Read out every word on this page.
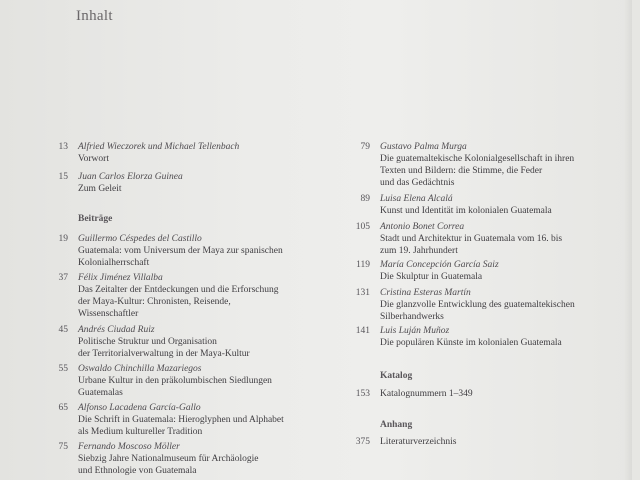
Inhalt
13 Alfried Wieczorek und Michael Tellenbach
Vorwort
15 Juan Carlos Elorza Guinea
Zum Geleit
Beiträge
19 Guillermo Céspedes del Castillo
Guatemala: vom Universum der Maya zur spanischen
Kolonialherrschaft
37 Félix Jiménez Villalba
Das Zeitalter der Entdeckungen und die Erforschung
der Maya-Kultur: Chronisten, Reisende,
Wissenschaftler
45 Andrés Ciudad Ruiz
Politische Struktur und Organisation
der Territorialverwaltung in der Maya-Kultur
55 Oswaldo Chinchilla Mazariegos
Urbane Kultur in den präkolumbischen Siedlungen
Guatemalas
65 Alfonso Lacadena García-Gallo
Die Schrift in Guatemala: Hieroglyphen und Alphabet
als Medium kultureller Tradition
75 Fernando Moscoso Möller
Siebzig Jahre Nationalmuseum für Archäologie
und Ethnologie von Guatemala
79 Gustavo Palma Murga
Die guatemaltekische Kolonialgesellschaft in ihren
Texten und Bildern: die Stimme, die Feder
und das Gedächtnis
89 Luisa Elena Alcalá
Kunst und Identität im kolonialen Guatemala
105 Antonio Bonet Correa
Stadt und Architektur in Guatemala vom 16. bis
zum 19. Jahrhundert
119 María Concepción García Saiz
Die Skulptur in Guatemala
131 Cristina Esteras Martín
Die glanzvolle Entwicklung des guatemaltekischen
Silberhandwerks
141 Luis Luján Muñoz
Die populären Künste im kolonialen Guatemala
Katalog
153 Katalognummern 1–349
Anhang
375 Literaturverzeichnis
